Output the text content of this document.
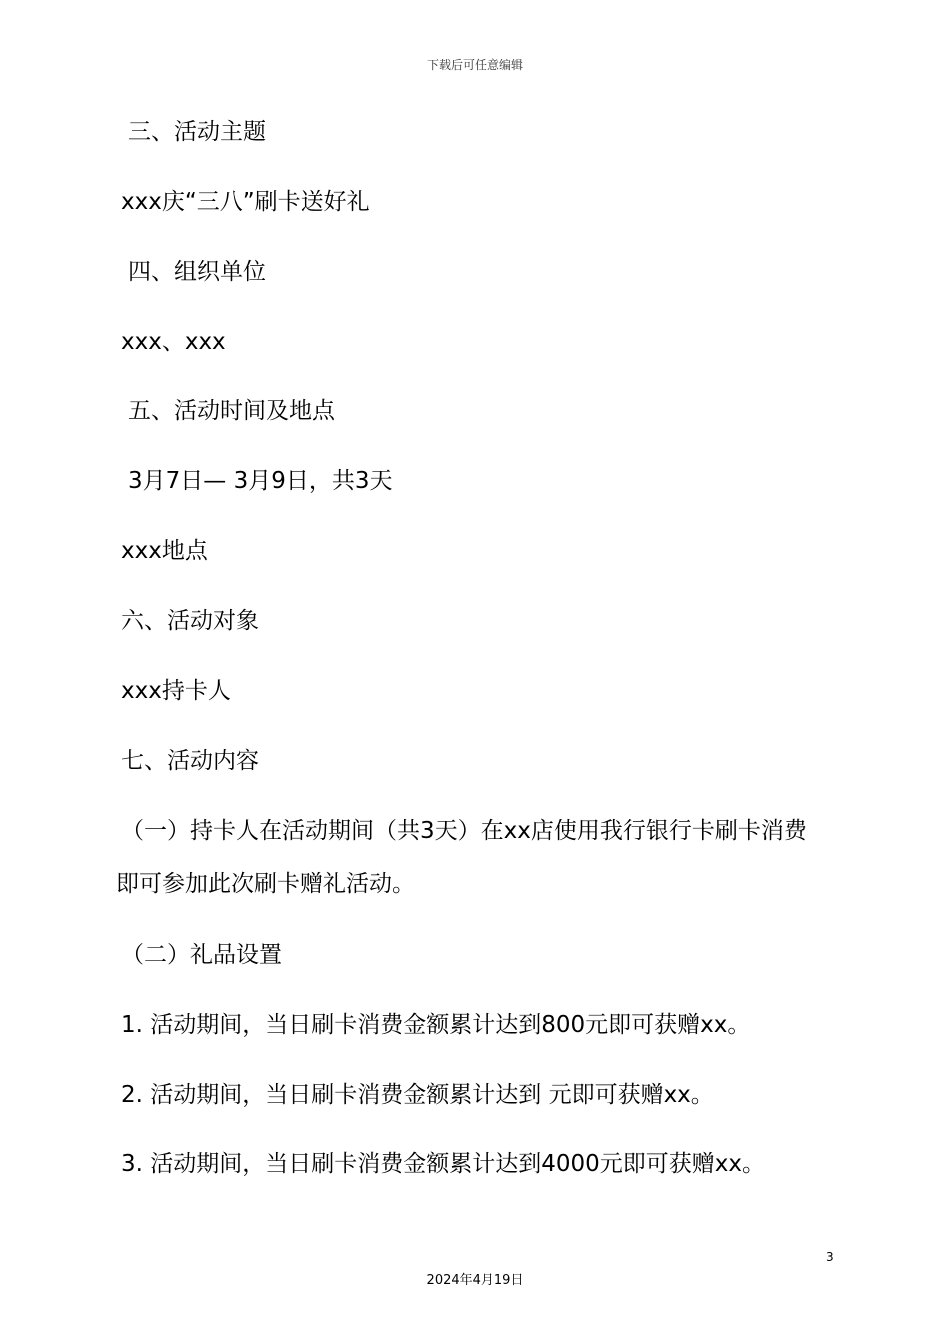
下载后可任意编辑
三、活动主题
xxx庆“三八”刷卡送好礼
四、组织单位
xxx、xxx
五、活动时间及地点
3月7日— 3月9日，共3天
xxx地点
六、活动对象
xxx持卡人
七、活动内容
（一）持卡人在活动期间（共3天）在xx店使用我行银行卡刷卡消费
即可参加此次刷卡赠礼活动。
（二）礼品设置
1. 活动期间，当日刷卡消费金额累计达到800元即可获赠xx。
2. 活动期间，当日刷卡消费金额累计达到 元即可获赠xx。
3. 活动期间，当日刷卡消费金额累计达到4000元即可获赠xx。
3
2024年4月19日
